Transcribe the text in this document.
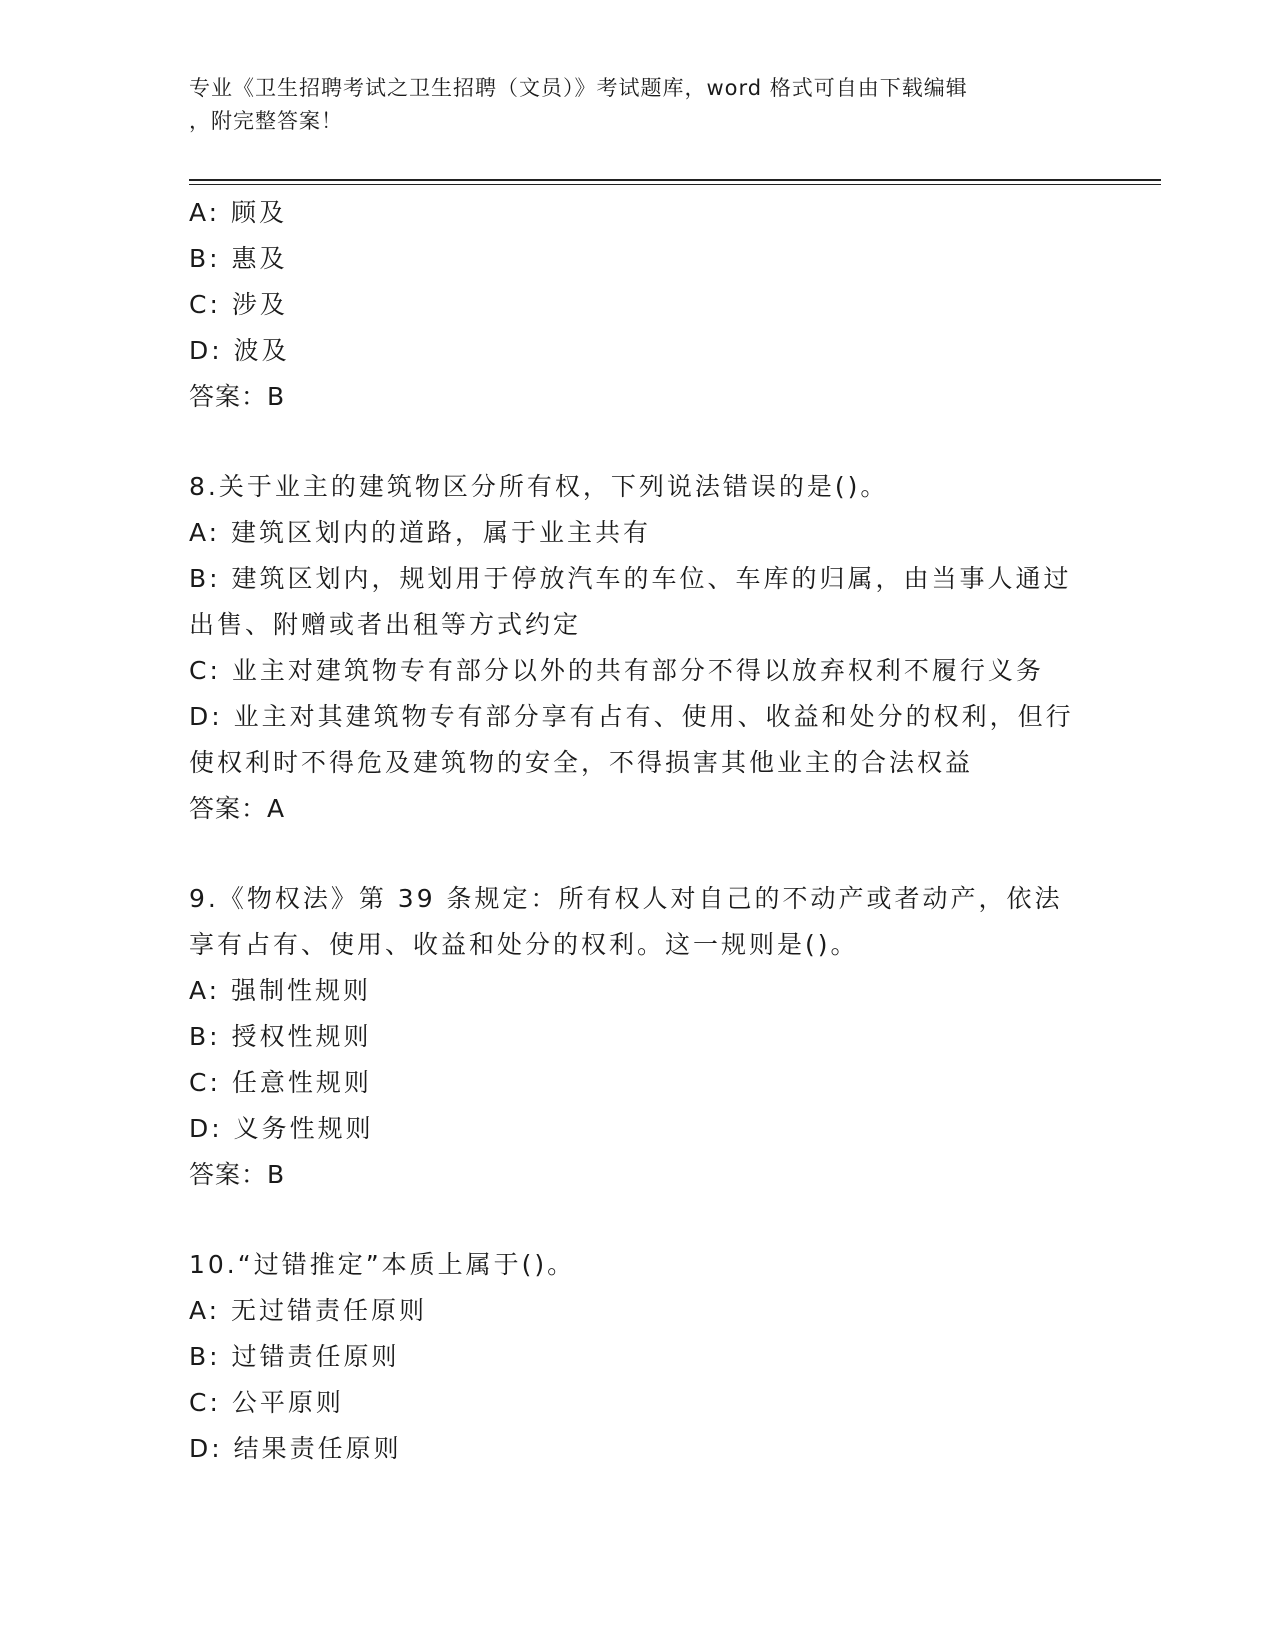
专业《卫生招聘考试之卫生招聘（文员）》考试题库，word 格式可自由下载编辑
，附完整答案！

A: 顾及

B: 惠及

C: 涉及

D: 波及

答案：B

8.关于业主的建筑物区分所有权，下列说法错误的是()。

A: 建筑区划内的道路，属于业主共有

B: 建筑区划内，规划用于停放汽车的车位、车库的归属，由当事人通过出售、附赠或者出租等方式约定

C: 业主对建筑物专有部分以外的共有部分不得以放弃权利不履行义务

D: 业主对其建筑物专有部分享有占有、使用、收益和处分的权利，但行使权利时不得危及建筑物的安全，不得损害其他业主的合法权益

答案：A

9.《物权法》第 39 条规定：所有权人对自己的不动产或者动产，依法享有占有、使用、收益和处分的权利。这一规则是()。

A: 强制性规则

B: 授权性规则

C: 任意性规则

D: 义务性规则

答案：B

10.“过错推定”本质上属于()。

A: 无过错责任原则

B: 过错责任原则

C: 公平原则

D: 结果责任原则
